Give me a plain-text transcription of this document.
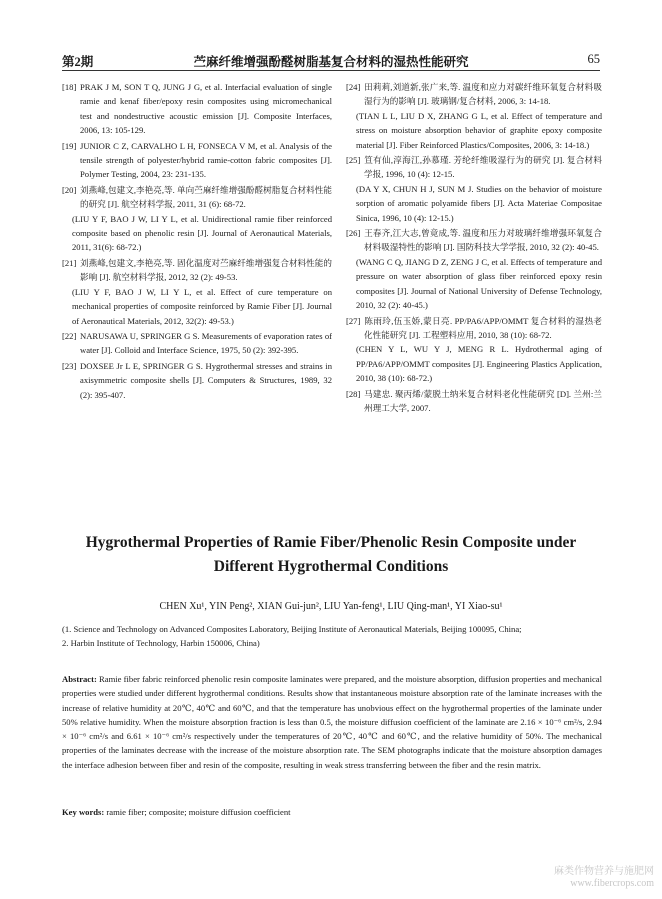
第2期	苎麻纤维增强酚醛树脂基复合材料的湿热性能研究	65

[18] PRAK J M, SON T Q, JUNG J G, et al. Interfacial evaluation of single ramie and kenaf fiber/epoxy resin composites using micromechanical test and nondestructive acoustic emission [J]. Composite Interfaces, 2006, 13: 105-129.

[19] JUNIOR C Z, CARVALHO L H, FONSECA V M, et al. Analysis of the tensile strength of polyester/hybrid ramie-cotton fabric composites [J]. Polymer Testing, 2004, 23: 231-135.

[20] 刘燕峰,包建文,李艳亮,等. 单向苎麻纤维增强酚醛树脂复合材料性能的研究 [J]. 航空材料学报, 2011, 31 (6): 68-72.

(LIU Y F, BAO J W, LI Y L, et al. Unidirectional ramie fiber reinforced composite based on phenolic resin [J]. Journal of Aeronautical Materials, 2011, 31(6): 68-72.)

[21] 刘燕峰,包建文,李艳亮,等. 固化温度对苎麻纤维增强复合材料性能的影响 [J]. 航空材料学报, 2012, 32 (2): 49-53.

(LIU Y F, BAO J W, LI Y L, et al. Effect of cure temperature on mechanical properties of composite reinforced by Ramie Fiber [J]. Journal of Aeronautical Materials, 2012, 32(2): 49-53.)

[22] NARUSAWA U, SPRINGER G S. Measurements of evaporation rates of water [J]. Colloid and Interface Science, 1975, 50 (2): 392-395.

[23] DOXSEE Jr L E, SPRINGER G S. Hygrothermal stresses and strains in axisymmetric composite shells [J]. Computers & Structures, 1989, 32 (2): 395-407.

[24] 田莉莉,刘道新,张广来,等. 温度和应力对碳纤维环氧复合材料吸湿行为的影响 [J]. 玻璃钢/复合材料, 2006, 3: 14-18.

(TIAN L L, LIU D X, ZHANG G L, et al. Effect of temperature and stress on moisture absorption behavior of graphite epoxy composite material [J]. Fiber Reinforced Plastics/Composites, 2006, 3: 14-18.)

[25] 笪有仙,淳海江,孙慕瑾. 芳纶纤维吸湿行为的研究 [J]. 复合材料学报, 1996, 10 (4): 12-15.

(DA Y X, CHUN H J, SUN M J. Studies on the behavior of moisture sorption of aromatic polyamide fibers [J]. Acta Materiae Compositae Sinica, 1996, 10 (4): 12-15.)

[26] 王春齐,江大志,曾竟成,等. 温度和压力对玻璃纤维增强环氧复合材料吸湿特性的影响 [J]. 国防科技大学学报, 2010, 32 (2): 40-45.

(WANG C Q, JIANG D Z, ZENG J C, et al. Effects of temperature and pressure on water absorption of glass fiber reinforced epoxy resin composites [J]. Journal of National University of Defense Technology, 2010, 32 (2): 40-45.)

[27] 陈雨玲,伍玉娇,蒙日亮. PP/PA6/APP/OMMT 复合材料的湿热老化性能研究 [J]. 工程塑料应用, 2010, 38 (10): 68-72.

(CHEN Y L, WU Y J, MENG R L. Hydrothermal aging of PP/PA6/APP/OMMT composites [J]. Engineering Plastics Application, 2010, 38 (10): 68-72.)

[28] 马建忠. 聚丙烯/蒙脱土纳米复合材料老化性能研究 [D]. 兰州:兰州理工大学, 2007.

Hygrothermal Properties of Ramie Fiber/Phenolic Resin Composite under Different Hygrothermal Conditions
CHEN Xu¹, YIN Peng², XIAN Gui-jun², LIU Yan-feng¹, LIU Qing-man¹, YI Xiao-su¹

(1. Science and Technology on Advanced Composites Laboratory, Beijing Institute of Aeronautical Materials, Beijing 100095, China;

2. Harbin Institute of Technology, Harbin 150006, China)

Abstract: Ramie fiber fabric reinforced phenolic resin composite laminates were prepared, and the moisture absorption, diffusion properties and mechanical properties were studied under different hygrothermal conditions. Results show that instantaneous moisture absorption rate of the laminate increases with the increase of relative humidity at 20℃, 40℃ and 60℃, and that the temperature has unobvious effect on the hygrothermal properties of the laminate under 50% relative humidity. When the moisture absorption fraction is less than 0.5, the moisture diffusion coefficient of the laminate are 2.16 × 10⁻⁶ cm²/s, 2.94 × 10⁻⁶ cm²/s and 6.61 × 10⁻⁶ cm²/s respectively under the temperatures of 20℃, 40℃ and 60℃, and the relative humidity of 50%. The mechanical properties of the laminates decrease with the increase of the moisture absorption rate. The SEM photographs indicate that the moisture absorption damages the interface adhesion between fiber and resin of the composite, resulting in weak stress transferring between the fiber and the resin matrix.

Key words: ramie fiber; composite; moisture diffusion coefficient

麻类作物营养与施肥网
www.fibercrops.com
